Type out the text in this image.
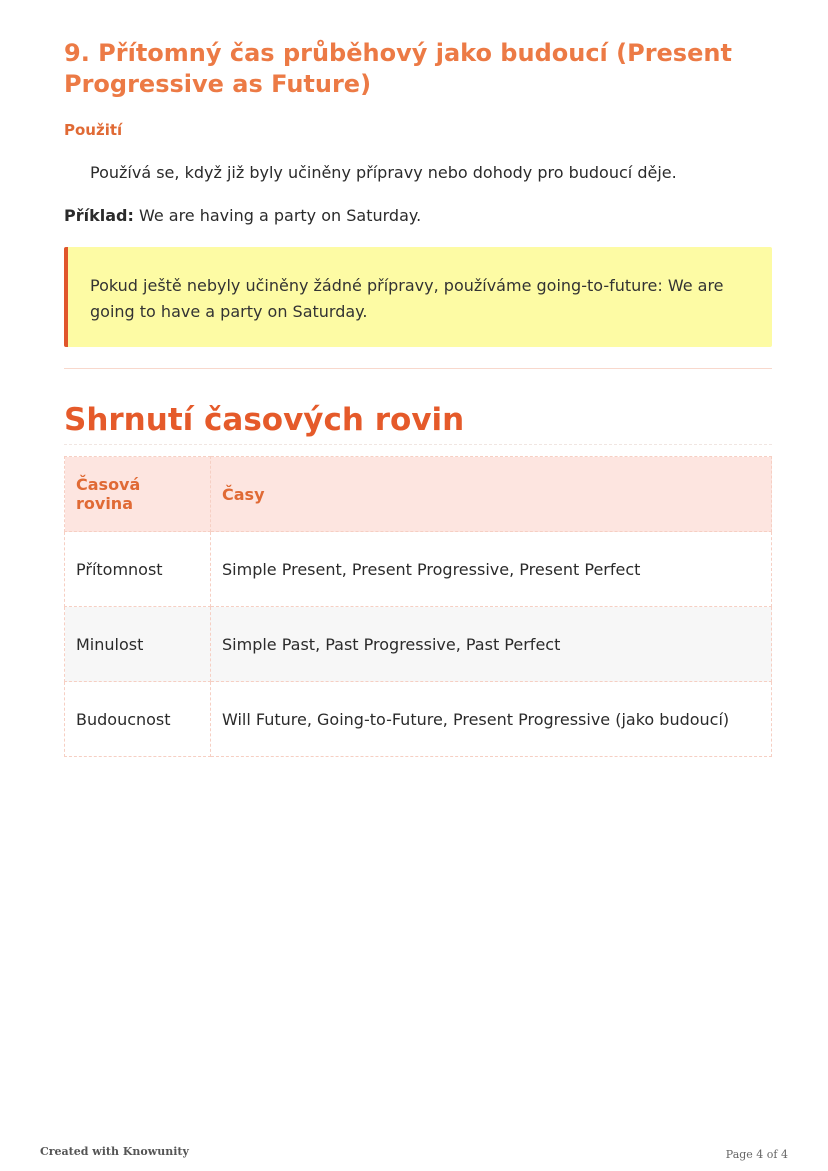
9. Přítomný čas průběhový jako budoucí (Present Progressive as Future)
Použití

Používá se, když již byly učiněny přípravy nebo dohody pro budoucí děje.

Příklad: We are having a party on Saturday.

Pokud ještě nebyly učiněny žádné přípravy, používáme going-to-future: We are going to have a party on Saturday.

Shrnutí časových rovin
Časová rovina	Časy
Přítomnost	Simple Present, Present Progressive, Present Perfect
Minulost	Simple Past, Past Progressive, Past Perfect
Budoucnost	Will Future, Going-to-Future, Present Progressive (jako budoucí)
Created with Knowunity	Page 4 of 4
